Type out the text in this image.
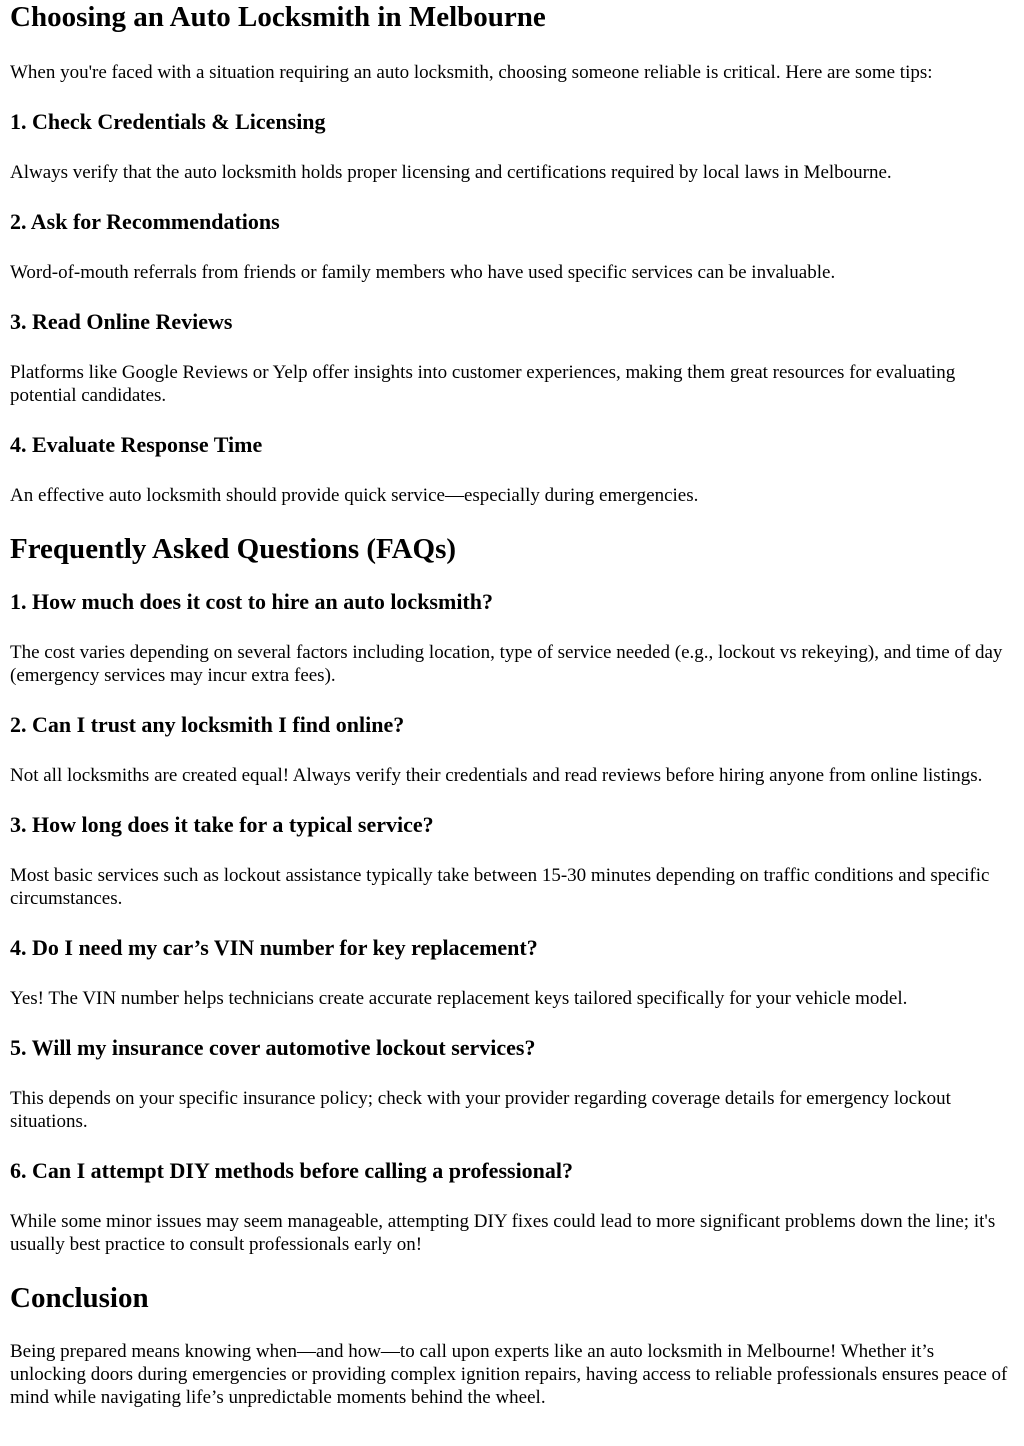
Choosing an Auto Locksmith in Melbourne

When you're faced with a situation requiring an auto locksmith, choosing someone reliable is critical. Here are some tips:

1. Check Credentials & Licensing

Always verify that the auto locksmith holds proper licensing and certifications required by local laws in Melbourne.

2. Ask for Recommendations

Word-of-mouth referrals from friends or family members who have used specific services can be invaluable.

3. Read Online Reviews

Platforms like Google Reviews or Yelp offer insights into customer experiences, making them great resources for evaluating potential candidates.

4. Evaluate Response Time

An effective auto locksmith should provide quick service—especially during emergencies.

Frequently Asked Questions (FAQs)
1. How much does it cost to hire an auto locksmith?

The cost varies depending on several factors including location, type of service needed (e.g., lockout vs rekeying), and time of day (emergency services may incur extra fees).

2. Can I trust any locksmith I find online?

Not all locksmiths are created equal! Always verify their credentials and read reviews before hiring anyone from online listings.

3. How long does it take for a typical service?

Most basic services such as lockout assistance typically take between 15-30 minutes depending on traffic conditions and specific circumstances.

4. Do I need my car’s VIN number for key replacement?

Yes! The VIN number helps technicians create accurate replacement keys tailored specifically for your vehicle model.

5. Will my insurance cover automotive lockout services?

This depends on your specific insurance policy; check with your provider regarding coverage details for emergency lockout situations.

6. Can I attempt DIY methods before calling a professional?

While some minor issues may seem manageable, attempting DIY fixes could lead to more significant problems down the line; it's usually best practice to consult professionals early on!

Conclusion

Being prepared means knowing when—and how—to call upon experts like an auto locksmith in Melbourne! Whether it’s unlocking doors during emergencies or providing complex ignition repairs, having access to reliable professionals ensures peace of mind while navigating life’s unpredictable moments behind the wheel.
